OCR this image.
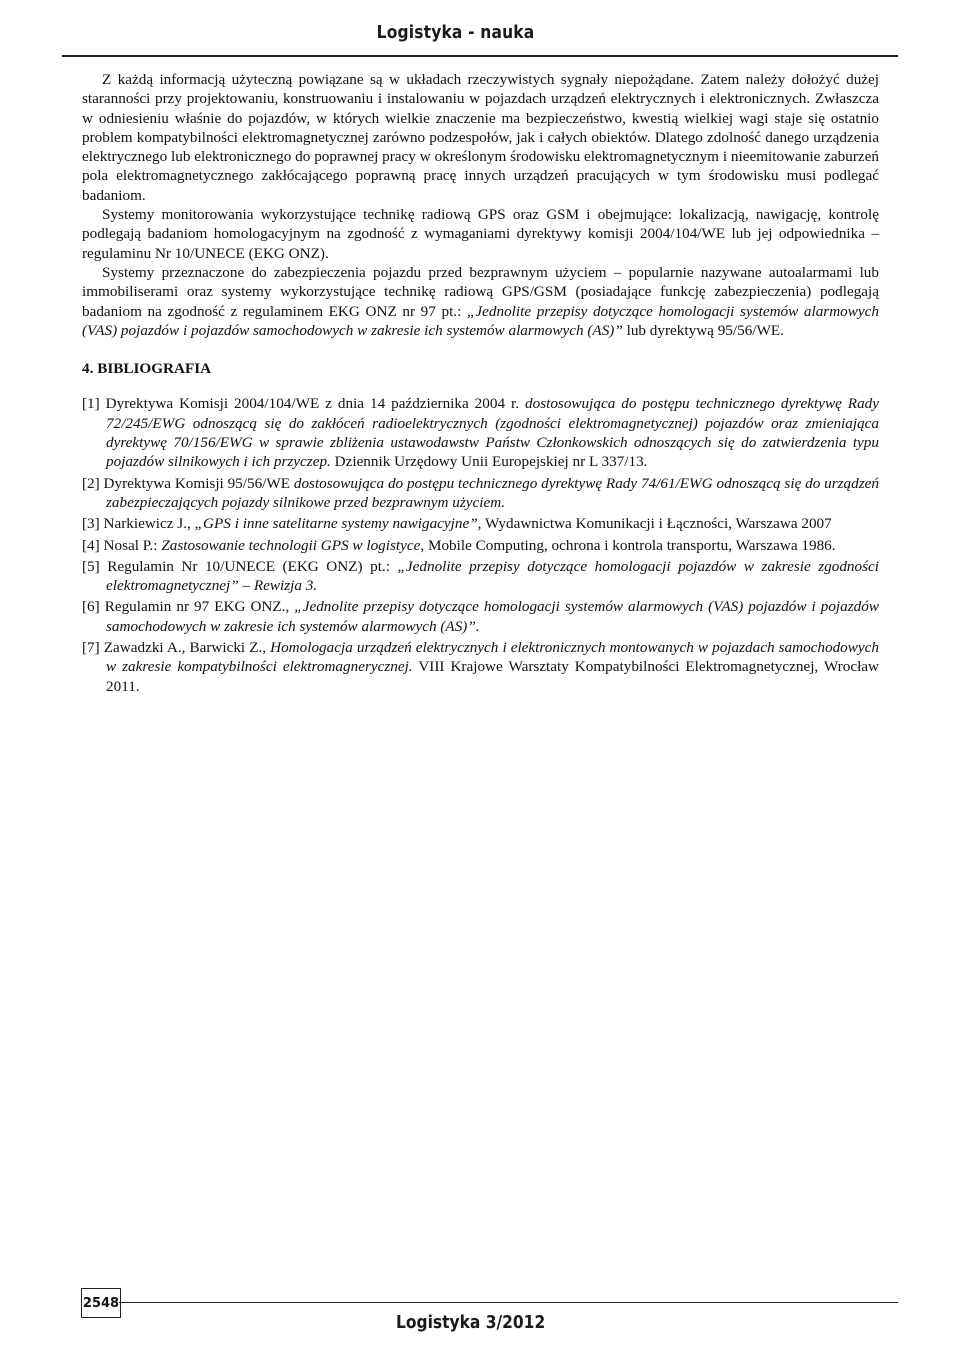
Logistyka - nauka

Z każdą informacją użyteczną powiązane są w układach rzeczywistych sygnały niepożądane. Zatem należy dołożyć dużej staranności przy projektowaniu, konstruowaniu i instalowaniu w pojazdach urządzeń elektrycznych i elektronicznych. Zwłaszcza w odniesieniu właśnie do pojazdów, w których wielkie znaczenie ma bezpieczeństwo, kwestią wielkiej wagi staje się ostatnio problem kompatybilności elektromagnetycznej zarówno podzespołów, jak i całych obiektów. Dlatego zdolność danego urządzenia elektrycznego lub elektronicznego do poprawnej pracy w określonym środowisku elektromagnetycznym i nieemitowanie zaburzeń pola elektromagnetycznego zakłócającego poprawną pracę innych urządzeń pracujących w tym środowisku musi podlegać badaniom.

Systemy monitorowania wykorzystujące technikę radiową GPS oraz GSM i obejmujące: lokalizacją, nawigację, kontrolę podlegają badaniom homologacyjnym na zgodność z wymaganiami dyrektywy komisji 2004/104/WE lub jej odpowiednika – regulaminu Nr 10/UNECE (EKG ONZ).

Systemy przeznaczone do zabezpieczenia pojazdu przed bezprawnym użyciem – popularnie nazywane autoalarmami lub immobiliserami oraz systemy wykorzystujące technikę radiową GPS/GSM (posiadające funkcję zabezpieczenia) podlegają badaniom na zgodność z regulaminem EKG ONZ nr 97 pt.: „Jednolite przepisy dotyczące homologacji systemów alarmowych (VAS) pojazdów i pojazdów samochodowych w zakresie ich systemów alarmowych (AS)” lub dyrektywą 95/56/WE.

4. BIBLIOGRAFIA
[1] Dyrektywa Komisji 2004/104/WE z dnia 14 października 2004 r. dostosowująca do postępu technicznego dyrektywę Rady 72/245/EWG odnoszącą się do zakłóceń radioelektrycznych (zgodności elektromagnetycznej) pojazdów oraz zmieniająca dyrektywę 70/156/EWG w sprawie zbliżenia ustawodawstw Państw Członkowskich odnoszących się do zatwierdzenia typu pojazdów silnikowych i ich przyczep. Dziennik Urzędowy Unii Europejskiej nr L 337/13.
[2] Dyrektywa Komisji 95/56/WE dostosowująca do postępu technicznego dyrektywę Rady 74/61/EWG odnoszącą się do urządzeń zabezpieczających pojazdy silnikowe przed bezprawnym użyciem.
[3] Narkiewicz J., „GPS i inne satelitarne systemy nawigacyjne”, Wydawnictwa Komunikacji i Łączności, Warszawa 2007
[4] Nosal P.: Zastosowanie technologii GPS w logistyce, Mobile Computing, ochrona i kontrola transportu, Warszawa 1986.
[5] Regulamin Nr 10/UNECE (EKG ONZ) pt.: „Jednolite przepisy dotyczące homologacji pojazdów w zakresie zgodności elektromagnetycznej” – Rewizja 3.
[6] Regulamin nr 97 EKG ONZ., „Jednolite przepisy dotyczące homologacji systemów alarmowych (VAS) pojazdów i pojazdów samochodowych w zakresie ich systemów alarmowych (AS)”.
[7] Zawadzki A., Barwicki Z., Homologacja urządzeń elektrycznych i elektronicznych montowanych w pojazdach samochodowych w zakresie kompatybilności elektromagnerycznej. VIII Krajowe Warsztaty Kompatybilności Elektromagnetycznej, Wrocław 2011.
2548
Logistyka 3/2012
